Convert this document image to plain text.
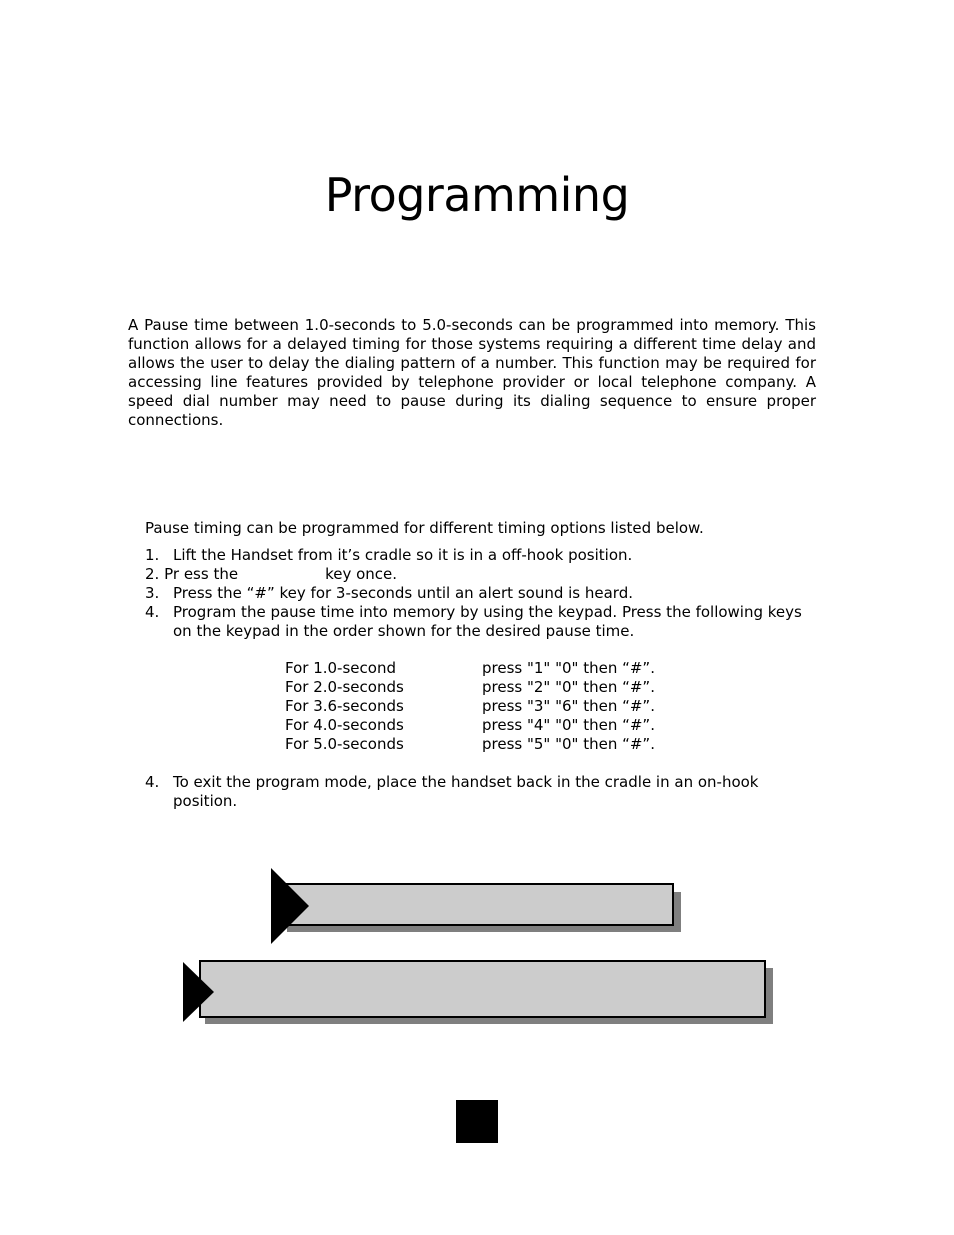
Programming

A Pause time between 1.0-seconds to 5.0-seconds can be programmed into memory. This function allows for a delayed timing for those systems requiring a different time delay and allows the user to delay the dialing pattern of a number. This function may be required for accessing line features provided by telephone provider or local telephone company. A speed dial number may need to pause during its dialing sequence to ensure proper connections.

Pause timing can be programmed for different timing options listed below.

1. Lift the Handset from it’s cradle so it is in a off-hook position.
2. Pr ess the	key once.
3. Press the “#” key for 3-seconds until an alert sound is heard.
4. Program the pause time into memory by using the keypad. Press the following keys on the keypad in the order shown for the desired pause time.
For 1.0-second	press "1" "0" then “#”.
For 2.0-seconds	press "2" "0" then “#”.
For 3.6-seconds	press "3" "6" then “#”.
For 4.0-seconds	press "4" "0" then “#”.
For 5.0-seconds	press "5" "0" then “#”.
4. To exit the program mode, place the handset back in the cradle in an on-hook position.
